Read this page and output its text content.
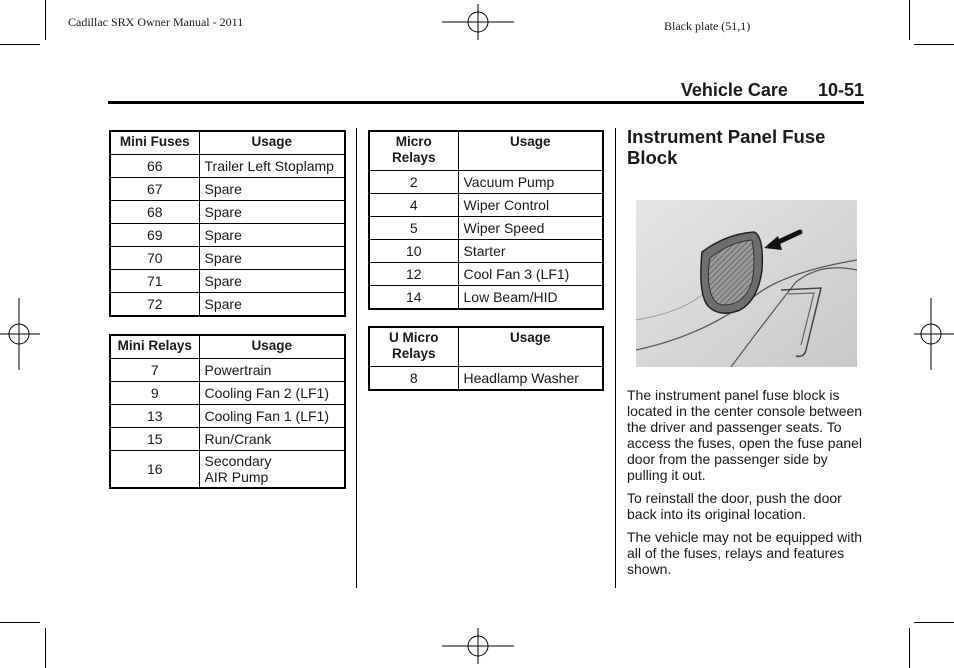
Cadillac SRX Owner Manual - 2011	Black plate (51,1)
Vehicle Care 10-51
Mini Fuses	Usage
66	Trailer Left Stoplamp
67	Spare
68	Spare
69	Spare
70	Spare
71	Spare
72	Spare
Mini Relays	Usage
7	Powertrain
9	Cooling Fan 2 (LF1)
13	Cooling Fan 1 (LF1)
15	Run/Crank
16	Secondary
AIR Pump
Micro
Relays	Usage
2	Vacuum Pump
4	Wiper Control
5	Wiper Speed
10	Starter
12	Cool Fan 3 (LF1)
14	Low Beam/HID
U Micro
Relays	Usage
8	Headlamp Washer
Instrument Panel Fuse Block

The instrument panel fuse block is located in the center console between the driver and passenger seats. To access the fuses, open the fuse panel door from the passenger side by pulling it out.

To reinstall the door, push the door back into its original location.

The vehicle may not be equipped with all of the fuses, relays and features shown.
